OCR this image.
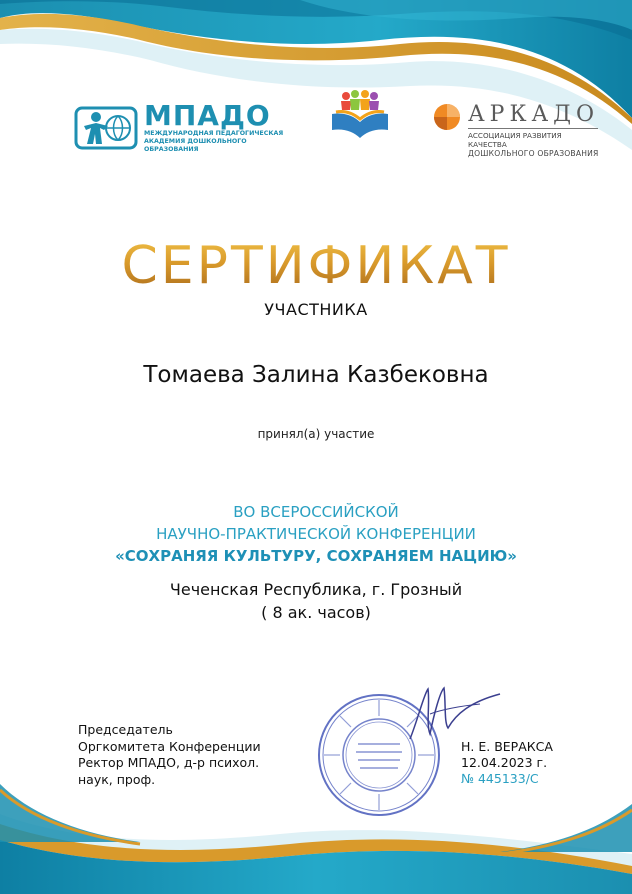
МПАДО
МЕЖДУНАРОДНАЯ ПЕДАГОГИЧЕСКАЯ АКАДЕМИЯ ДОШКОЛЬНОГО ОБРАЗОВАНИЯ

АРКАДО
АССОЦИАЦИЯ РАЗВИТИЯ КАЧЕСТВА
ДОШКОЛЬНОГО ОБРАЗОВАНИЯ
СЕРТИФИКАТ
УЧАСТНИКА
Томаева Залина Казбековна
принял(а) участие
ВО ВСЕРОССИЙСКОЙ
НАУЧНО-ПРАКТИЧЕСКОЙ КОНФЕРЕНЦИИ
«СОХРАНЯЯ КУЛЬТУРУ, СОХРАНЯЕМ НАЦИЮ»
Чеченская Республика, г. Грозный
( 8 ак. часов)
Председатель
Оргкомитета Конференции
Ректор МПАДО, д-р психол.
наук, проф.
Н. Е. ВЕРАКСА
12.04.2023 г.
№ 445133/С
